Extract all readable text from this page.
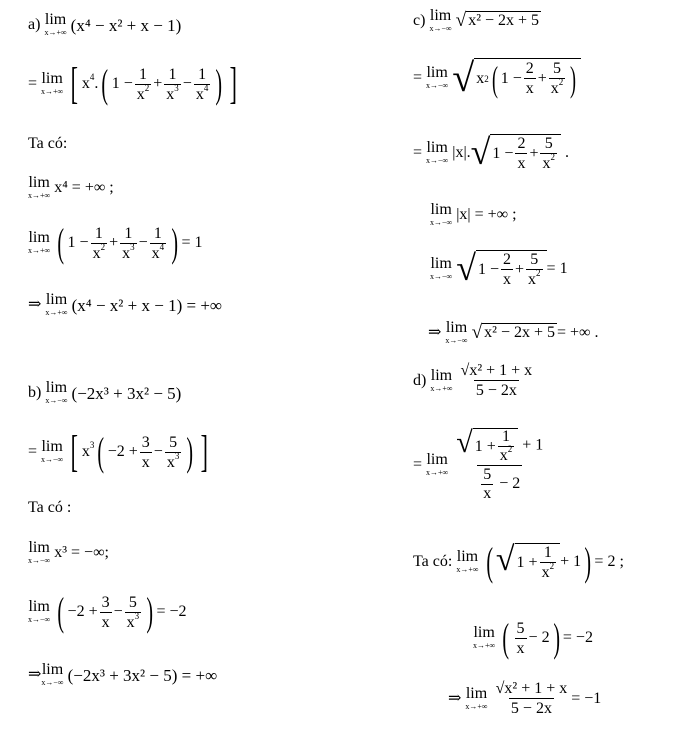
a) lim
x→+∞ (x⁴ − x² + x − 1)
= lim
x→+∞ [ $x^4$. ( $1 - \frac{1}{x^2} + \frac{1}{x^3} - \frac{1}{x^4}$ ) ]
Ta có:
lim
x→+∞ x⁴ = +∞ ;
lim
x→+∞ ( $1 - \frac{1}{x^2} + \frac{1}{x^3} - \frac{1}{x^4}$ ) = 1
⇒ lim
x→+∞ (x⁴ − x² + x − 1) = +∞
b) lim
x→−∞ (−2x³ + 3x² − 5)
= lim
x→−∞ [ $x^3$ ( $-2 + \frac{3}{x} - \frac{5}{x^3}$ ) ]
Ta có :
lim
x→−∞ x³ = −∞;
lim
x→−∞ ( $-2 + \frac{3}{x} - \frac{5}{x^3}$ ) = −2
⇒ lim
x→−∞ (−2x³ + 3x² − 5) = +∞
c) lim
x→−∞ √ x² − 2x + 5
= lim
x→−∞ √ x 2 ( 1 −
2
x
+
5
$x^2$ )
= lim
x→−∞ |x|. √ 1 −
2
x
+
5
$x^2$ .
lim
x→−∞ |x| = +∞ ;
lim
x→−∞ √ 1 −
2
x
+
5
$x^2 = 1$
⇒ lim
x→−∞ √ x² − 2x + 5 = +∞ .
d) lim
x→+∞
√x² + 1 + x
5 − 2x
= lim
x→+∞
√ 1 +
1
$x^2 + 1$
$\frac{5}{x} - 2$
Ta có: lim
x→+∞ ( √ 1 +
1
$x^2 + 1$ ) = 2 ;
lim
x→+∞ ( 5
x
− 2 ) = −2
⇒ lim
$x\to+\infty \frac{\text{√x² + 1 + x}}{5 - 2x} = -1$
